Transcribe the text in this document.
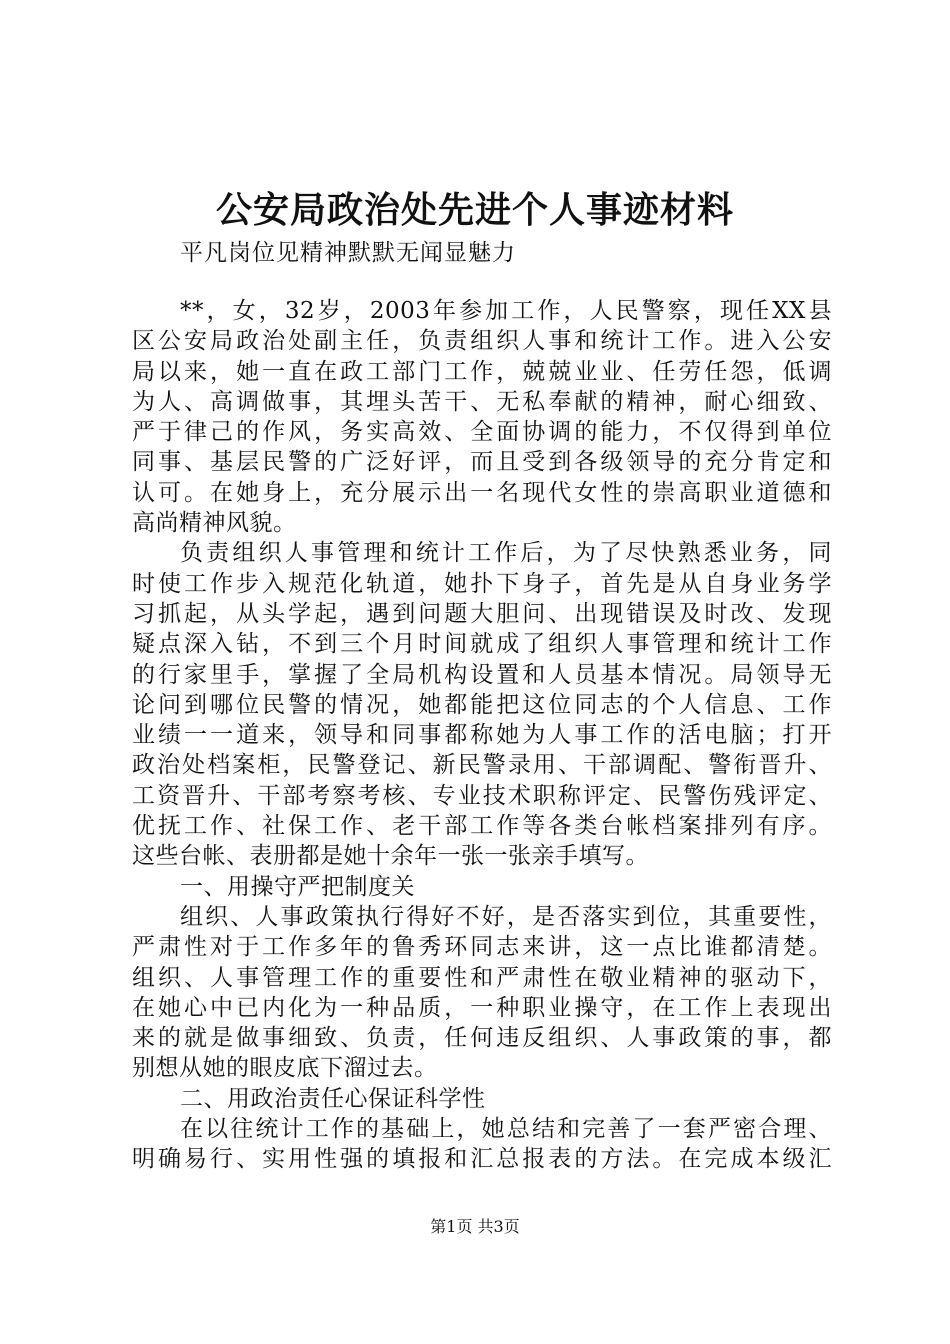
公安局政治处先进个人事迹材料

平凡岗位见精神默默无闻显魅力

**，女，32岁，2003年参加工作，人民警察，现任XX县
区公安局政治处副主任，负责组织人事和统计工作。进入公安
局以来，她一直在政工部门工作，兢兢业业、任劳任怨，低调
为人、高调做事，其埋头苦干、无私奉献的精神，耐心细致、
严于律己的作风，务实高效、全面协调的能力，不仅得到单位
同事、基层民警的广泛好评，而且受到各级领导的充分肯定和
认可。在她身上，充分展示出一名现代女性的崇高职业道德和
高尚精神风貌。
负责组织人事管理和统计工作后，为了尽快熟悉业务，同
时使工作步入规范化轨道，她扑下身子，首先是从自身业务学
习抓起，从头学起，遇到问题大胆问、出现错误及时改、发现
疑点深入钻，不到三个月时间就成了组织人事管理和统计工作
的行家里手，掌握了全局机构设置和人员基本情况。局领导无
论问到哪位民警的情况，她都能把这位同志的个人信息、工作
业绩一一道来，领导和同事都称她为人事工作的活电脑；打开
政治处档案柜，民警登记、新民警录用、干部调配、警衔晋升、
工资晋升、干部考察考核、专业技术职称评定、民警伤残评定、
优抚工作、社保工作、老干部工作等各类台帐档案排列有序。
这些台帐、表册都是她十余年一张一张亲手填写。
一、用操守严把制度关
组织、人事政策执行得好不好，是否落实到位，其重要性，
严肃性对于工作多年的鲁秀环同志来讲，这一点比谁都清楚。
组织、人事管理工作的重要性和严肃性在敬业精神的驱动下，
在她心中已内化为一种品质，一种职业操守，在工作上表现出
来的就是做事细致、负责，任何违反组织、人事政策的事，都
别想从她的眼皮底下溜过去。
二、用政治责任心保证科学性
在以往统计工作的基础上，她总结和完善了一套严密合理、
明确易行、实用性强的填报和汇总报表的方法。在完成本级汇
第1页 共3页
